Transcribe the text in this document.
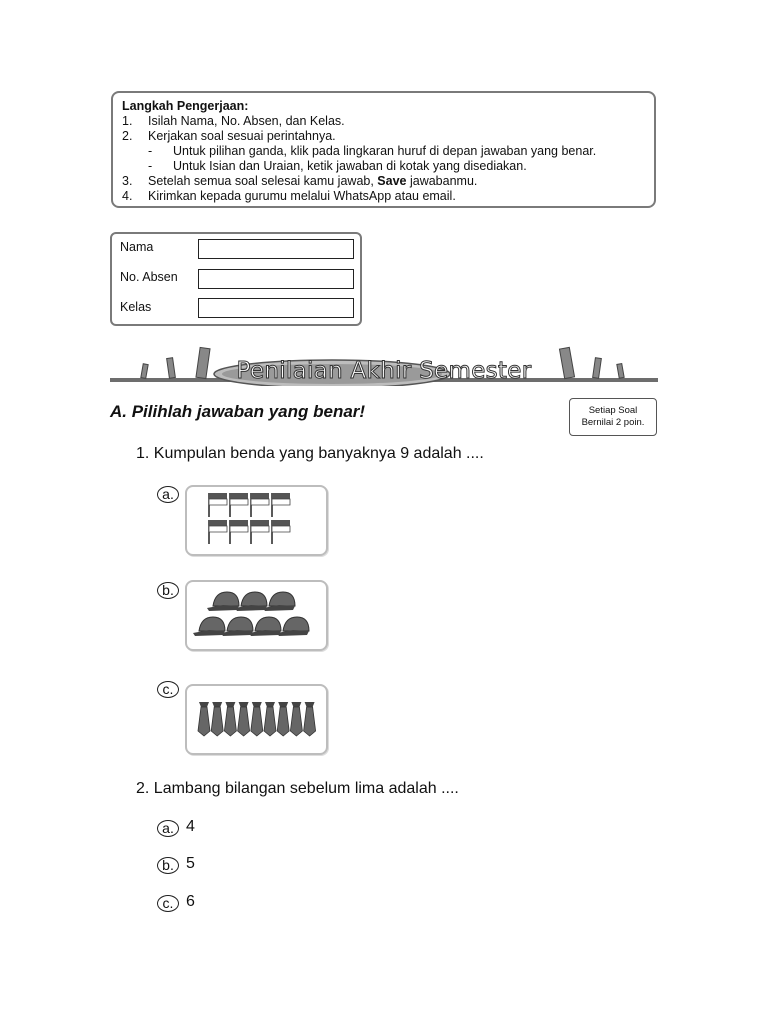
Langkah Pengerjaan:
1. Isilah Nama, No. Absen, dan Kelas.
2. Kerjakan soal sesuai perintahnya.
- Untuk pilihan ganda, klik pada lingkaran huruf di depan jawaban yang benar.
- Untuk Isian dan Uraian, ketik jawaban di kotak yang disediakan.
3. Setelah semua soal selesai kamu jawab, Save jawabanmu.
4. Kirimkan kepada gurumu melalui WhatsApp atau email.
Nama
No. Absen
Kelas
Penilaian Akhir Semester
A. Pilihlah jawaban yang benar!	Setiap Soal
Bernilai 2 poin.
1. Kumpulan benda yang banyaknya 9 adalah ....
a.
b.
c.
2. Lambang bilangan sebelum lima adalah ....
a. 4
b. 5
c. 6
